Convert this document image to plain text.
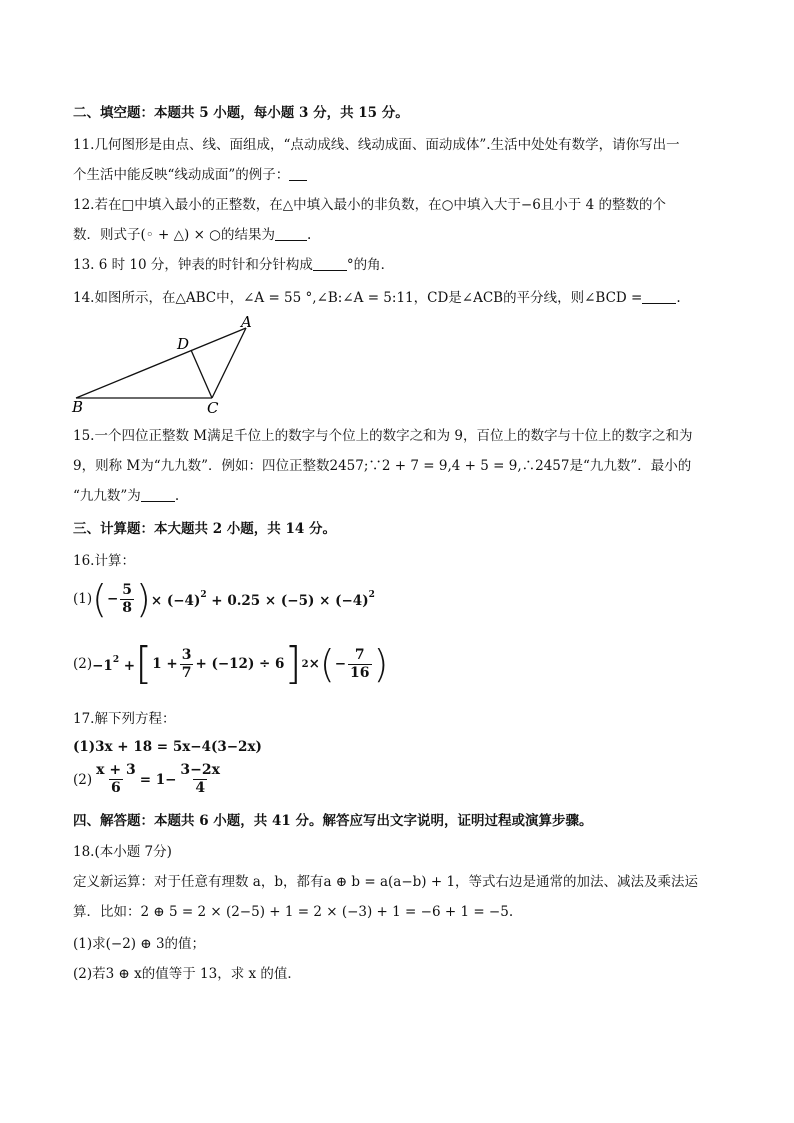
二、填空题：本题共 5 小题，每小题 3 分，共 15 分。
11.几何图形是由点、线、面组成，“点动成线、线动成面、面动成体”.生活中处处有数学，请你写出一
个生活中能反映“线动成面”的例子：
12.若在□中填入最小的正整数，在△中填入最小的非负数，在○中填入大于−6且小于 4 的整数的个
数．则式子(◦ + △) × ○的结果为 .
13. 6 时 10 分，钟表的时针和分针构成	°的角．
14.如图所示，在△ABC中，∠A = 55 °,∠B:∠A = 5:11，CD是∠ACB的平分线，则∠BCD =	.
A
B	C
D
15.一个四位正整数 M满足千位上的数字与个位上的数字之和为 9，百位上的数字与十位上的数字之和为
9，则称 M为“九九数”．例如：四位正整数2457;∵2 + 7 = 9,4 + 5 = 9,∴2457是“九九数”．最小的
“九九数”为	.
三、计算题：本大题共 2 小题，共 14 分。
16.计算：
(1) ( − $\frac{5}{8}$ ) × $(-4)^2 + 0.25 \times (-5) \times (-4)^2$
$(2) -1^2$ + [ $1 + \frac{3}{7} + (-12) \div 6$ ] 2 × ( − $\frac{7}{16}$ )
17.解下列方程：
(1)3x + 18 = 5x−4(3−2x)
$(2) \frac{x + 3}{6} = 1- \frac{3-2x}{4}$
四、解答题：本题共 6 小题，共 41 分。解答应写出文字说明，证明过程或演算步骤。
18.(本小题 7分)
定义新运算：对于任意有理数 a，b，都有a ⊕ b = a(a−b) + 1，等式右边是通常的加法、减法及乘法运
算．比如：2 ⊕ 5 = 2 × (2−5) + 1 = 2 × (−3) + 1 = −6 + 1 = −5.
(1)求(−2) ⊕ 3的值；
(2)若3 ⊕ x的值等于 13，求 x 的值．
